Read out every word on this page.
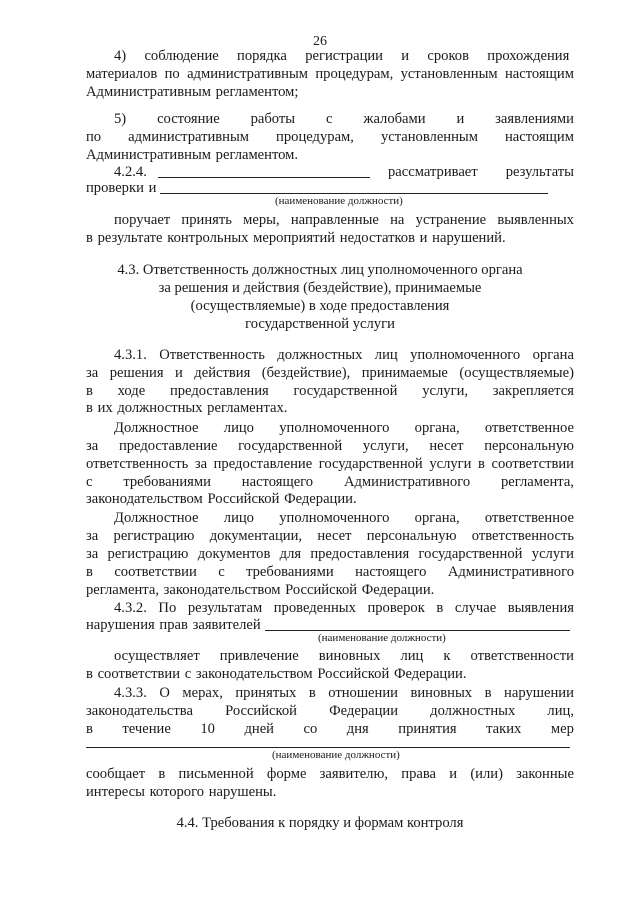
26
4) соблюдение порядка регистрации и сроков прохождения
материалов по административным процедурам, установленным настоящим
Административным регламентом;
5) состояние работы с жалобами и заявлениями
по административным процедурам, установленным настоящим
Административным регламентом.
4.2.4.	рассматривает результаты
проверки и
(наименование должности)
поручает принять меры, направленные на устранение выявленных
в результате контрольных мероприятий недостатков и нарушений.
4.3. Ответственность должностных лиц уполномоченного органа
за решения и действия (бездействие), принимаемые
(осуществляемые) в ходе предоставления
государственной услуги
4.3.1. Ответственность должностных лиц уполномоченного органа
за решения и действия (бездействие), принимаемые (осуществляемые)
в ходе предоставления государственной услуги, закрепляется
в их должностных регламентах.
Должностное лицо уполномоченного органа, ответственное
за предоставление государственной услуги, несет персональную
ответственность за предоставление государственной услуги в соответствии
с требованиями настоящего Административного регламента,
законодательством Российской Федерации.
Должностное лицо уполномоченного органа, ответственное
за регистрацию документации, несет персональную ответственность
за регистрацию документов для предоставления государственной услуги
в соответствии с требованиями настоящего Административного
регламента, законодательством Российской Федерации.
4.3.2. По результатам проведенных проверок в случае выявления
нарушения прав заявителей
(наименование должности)
осуществляет привлечение виновных лиц к ответственности
в соответствии с законодательством Российской Федерации.
4.3.3. О мерах, принятых в отношении виновных в нарушении
законодательства Российской Федерации должностных лиц,
в течение 10 дней со дня принятия таких мер
(наименование должности)
сообщает в письменной форме заявителю, права и (или) законные
интересы которого нарушены.
4.4. Требования к порядку и формам контроля
